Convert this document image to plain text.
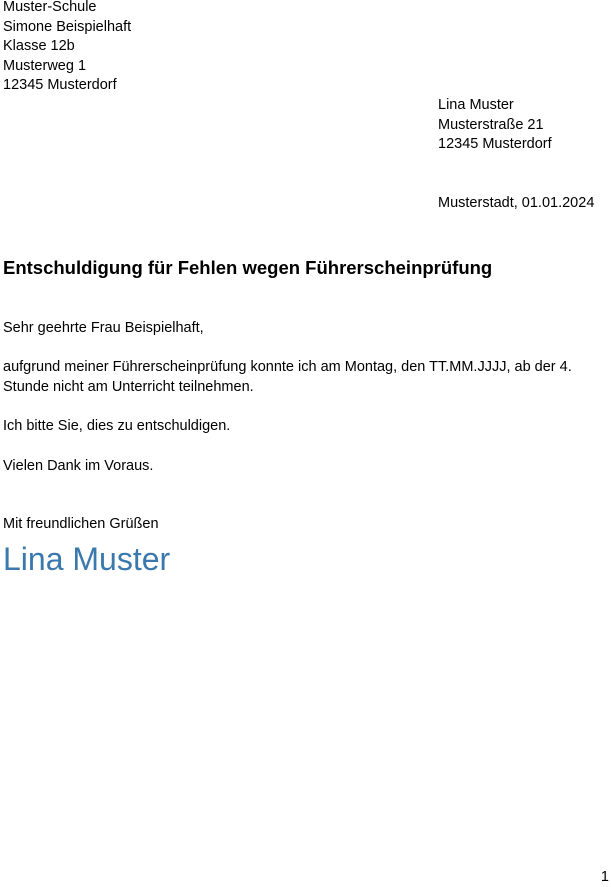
Muster-Schule
Simone Beispielhaft
Klasse 12b
Musterweg 1
12345 Musterdorf
Lina Muster
Musterstraße 21
12345 Musterdorf
Musterstadt, 01.01.2024
Entschuldigung für Fehlen wegen Führerscheinprüfung
Sehr geehrte Frau Beispielhaft,
aufgrund meiner Führerscheinprüfung konnte ich am Montag, den TT.MM.JJJJ, ab der 4.
Stunde nicht am Unterricht teilnehmen.
Ich bitte Sie, dies zu entschuldigen.
Vielen Dank im Voraus.
Mit freundlichen Grüßen
Lina Muster
1
